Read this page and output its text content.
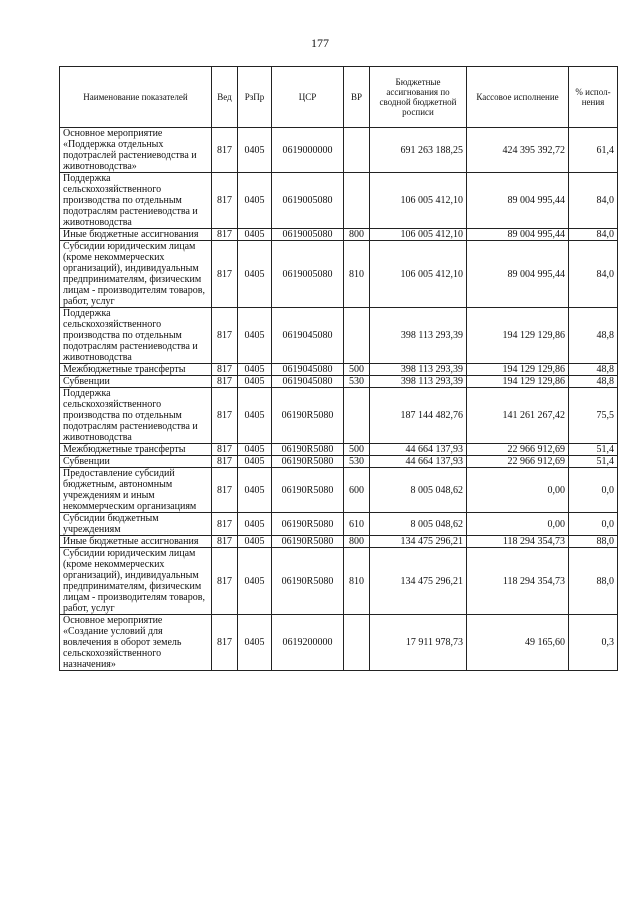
177
Наименование показателей	Вед	РзПр	ЦСР	ВР	Бюджетные ассигнования по сводной бюджетной росписи	Кассовое исполнение	% испол-нения
Основное мероприятие «Поддержка отдельных подотраслей растениеводства и животноводства»	817	0405	0619000000		691 263 188,25	424 395 392,72	61,4
Поддержка сельскохозяйственного производства по отдельным подотраслям растениеводства и животноводства	817	0405	0619005080		106 005 412,10	89 004 995,44	84,0
Иные бюджетные ассигнования	817	0405	0619005080	800	106 005 412,10	89 004 995,44	84,0
Субсидии юридическим лицам (кроме некоммерческих организаций), индивидуальным предпринимателям, физическим лицам - производителям товаров, работ, услуг	817	0405	0619005080	810	106 005 412,10	89 004 995,44	84,0
Поддержка сельскохозяйственного производства по отдельным подотраслям растениеводства и животноводства	817	0405	0619045080		398 113 293,39	194 129 129,86	48,8
Межбюджетные трансферты	817	0405	0619045080	500	398 113 293,39	194 129 129,86	48,8
Субвенции	817	0405	0619045080	530	398 113 293,39	194 129 129,86	48,8
Поддержка сельскохозяйственного производства по отдельным подотраслям растениеводства и животноводства	817	0405	06190R5080		187 144 482,76	141 261 267,42	75,5
Межбюджетные трансферты	817	0405	06190R5080	500	44 664 137,93	22 966 912,69	51,4
Субвенции	817	0405	06190R5080	530	44 664 137,93	22 966 912,69	51,4
Предоставление субсидий бюджетным, автономным учреждениям и иным некоммерческим организациям	817	0405	06190R5080	600	8 005 048,62	0,00	0,0
Субсидии бюджетным учреждениям	817	0405	06190R5080	610	8 005 048,62	0,00	0,0
Иные бюджетные ассигнования	817	0405	06190R5080	800	134 475 296,21	118 294 354,73	88,0
Субсидии юридическим лицам (кроме некоммерческих организаций), индивидуальным предпринимателям, физическим лицам - производителям товаров, работ, услуг	817	0405	06190R5080	810	134 475 296,21	118 294 354,73	88,0
Основное мероприятие «Создание условий для вовлечения в оборот земель сельскохозяйственного назначения»	817	0405	0619200000		17 911 978,73	49 165,60	0,3
